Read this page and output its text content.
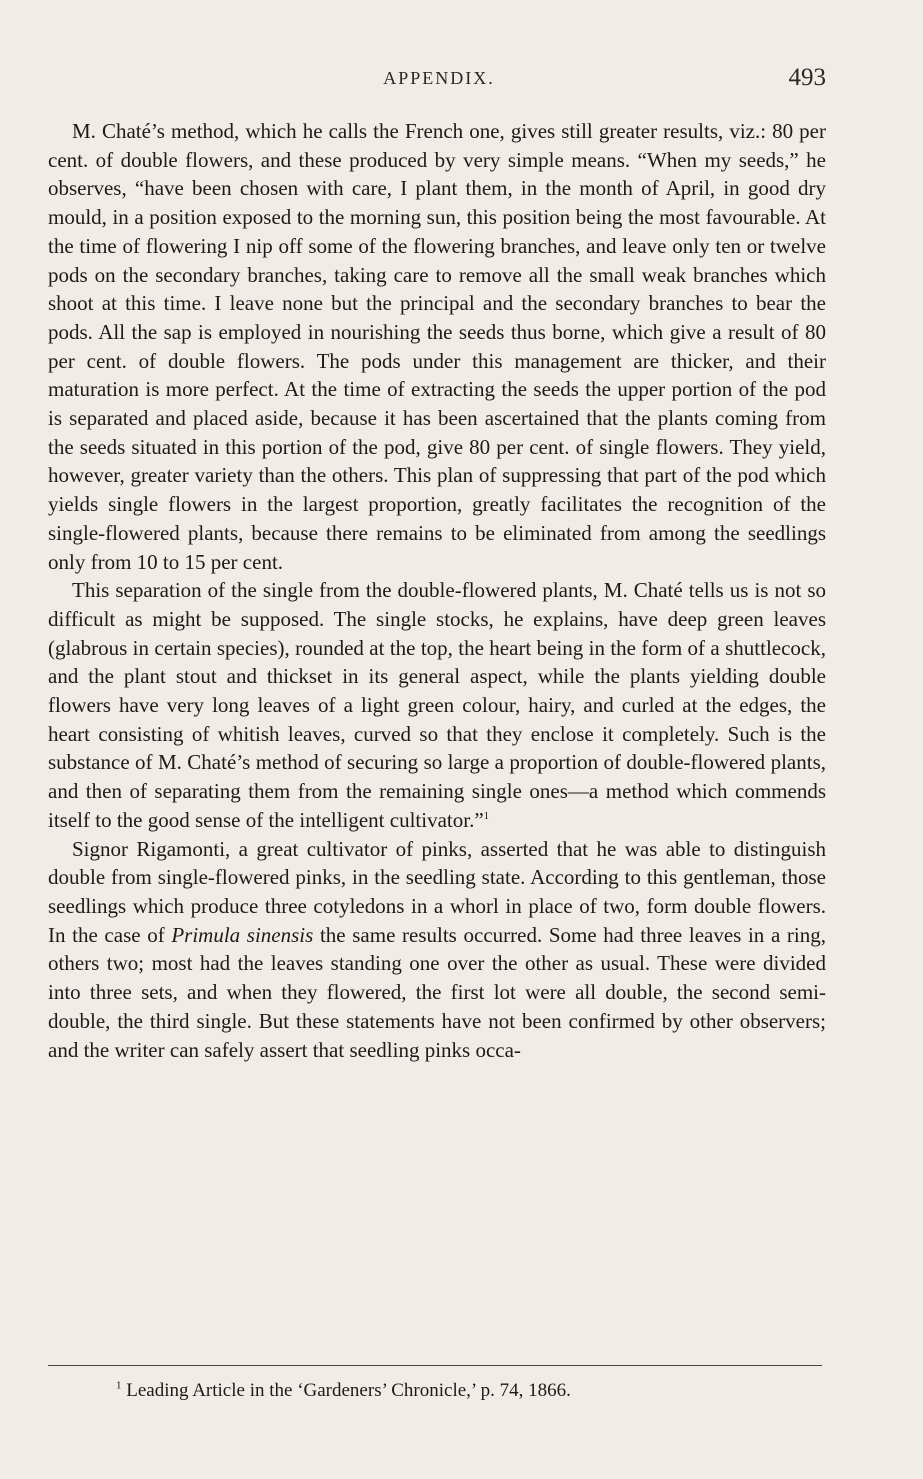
APPENDIX.	493

M. Chaté’s method, which he calls the French one, gives still greater results, viz.: 80 per cent. of double flowers, and these produced by very simple means. “When my seeds,” he observes, “have been chosen with care, I plant them, in the month of April, in good dry mould, in a position exposed to the morning sun, this position being the most favourable. At the time of flowering I nip off some of the flowering branches, and leave only ten or twelve pods on the secondary branches, taking care to remove all the small weak branches which shoot at this time. I leave none but the principal and the secondary branches to bear the pods. All the sap is employed in nourishing the seeds thus borne, which give a result of 80 per cent. of double flowers. The pods under this management are thicker, and their maturation is more perfect. At the time of extracting the seeds the upper portion of the pod is separated and placed aside, because it has been ascertained that the plants coming from the seeds situated in this portion of the pod, give 80 per cent. of single flowers. They yield, however, greater variety than the others. This plan of suppressing that part of the pod which yields single flowers in the largest proportion, greatly facilitates the recognition of the single-flowered plants, because there remains to be eliminated from among the seedlings only from 10 to 15 per cent.

This separation of the single from the double-flowered plants, M. Chaté tells us is not so difficult as might be supposed. The single stocks, he explains, have deep green leaves (glabrous in certain species), rounded at the top, the heart being in the form of a shuttlecock, and the plant stout and thickset in its general aspect, while the plants yielding double flowers have very long leaves of a light green colour, hairy, and curled at the edges, the heart consisting of whitish leaves, curved so that they enclose it completely. Such is the substance of M. Chaté’s method of securing so large a proportion of double-flowered plants, and then of separating them from the remaining single ones—a method which commends itself to the good sense of the intelligent cultivator.”$^1$

Signor Rigamonti, a great cultivator of pinks, asserted that he was able to distinguish double from single-flowered pinks, in the seedling state. According to this gentleman, those seedlings which produce three cotyledons in a whorl in place of two, form double flowers. In the case of Primula sinensis the same results occurred. Some had three leaves in a ring, others two; most had the leaves standing one over the other as usual. These were divided into three sets, and when they flowered, the first lot were all double, the second semi-double, the third single. But these statements have not been confirmed by other observers; and the writer can safely assert that seedling pinks occa-

$^1$ Leading Article in the ‘Gardeners’ Chronicle,’ p. 74, 1866.
